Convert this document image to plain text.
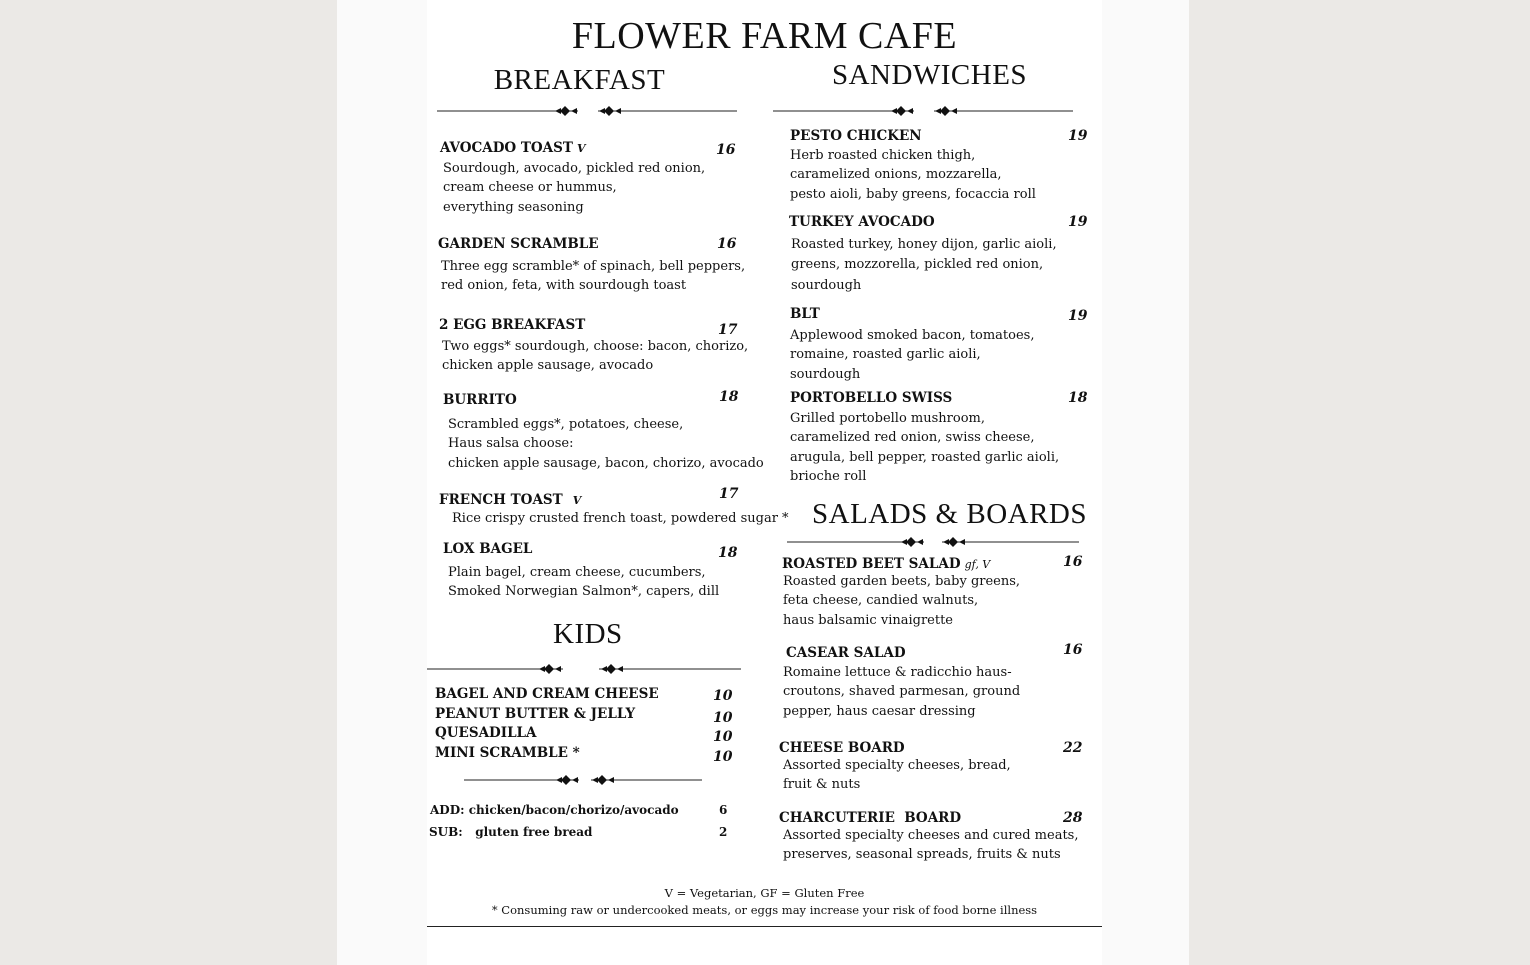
FLOWER FARM CAFE
BREAKFAST
AVOCADO TOAST V	16
Sourdough, avocado, pickled red onion,
cream cheese or hummus,
everything seasoning
GARDEN SCRAMBLE	16
Three egg scramble* of spinach, bell peppers,
red onion, feta, with sourdough toast
2 EGG BREAKFAST	17
Two eggs* sourdough, choose: bacon, chorizo,
chicken apple sausage, avocado
BURRITO	18
Scrambled eggs*, potatoes, cheese,
Haus salsa choose:
chicken apple sausage, bacon, chorizo, avocado
FRENCH TOAST V	17
Rice crispy crusted french toast, powdered sugar *
LOX BAGEL	18
Plain bagel, cream cheese, cucumbers,
Smoked Norwegian Salmon*, capers, dill
KIDS
BAGEL AND CREAM CHEESE	10
PEANUT BUTTER & JELLY	10
QUESADILLA	10
MINI SCRAMBLE *	10
ADD: chicken/bacon/chorizo/avocado	6
SUB:   gluten free bread	2
SANDWICHES
PESTO CHICKEN	19
Herb roasted chicken thigh,
caramelized onions, mozzarella,
pesto aioli, baby greens, focaccia roll
TURKEY AVOCADO	19
Roasted turkey, honey dijon, garlic aioli,
greens, mozzorella, pickled red onion,
sourdough
BLT	19
Applewood smoked bacon, tomatoes,
romaine, roasted garlic aioli,
sourdough
PORTOBELLO SWISS	18
Grilled portobello mushroom,
caramelized red onion, swiss cheese,
arugula, bell pepper, roasted garlic aioli,
brioche roll
SALADS & BOARDS
ROASTED BEET SALAD gf, V	16
Roasted garden beets, baby greens,
feta cheese, candied walnuts,
haus balsamic vinaigrette
CASEAR SALAD	16
Romaine lettuce & radicchio haus-
croutons, shaved parmesan, ground
pepper, haus caesar dressing
CHEESE BOARD	22
Assorted specialty cheeses, bread,
fruit & nuts
CHARCUTERIE  BOARD	28
Assorted specialty cheeses and cured meats,
preserves, seasonal spreads, fruits & nuts
V = Vegetarian, GF = Gluten Free
* Consuming raw or undercooked meats, or eggs may increase your risk of food borne illness
